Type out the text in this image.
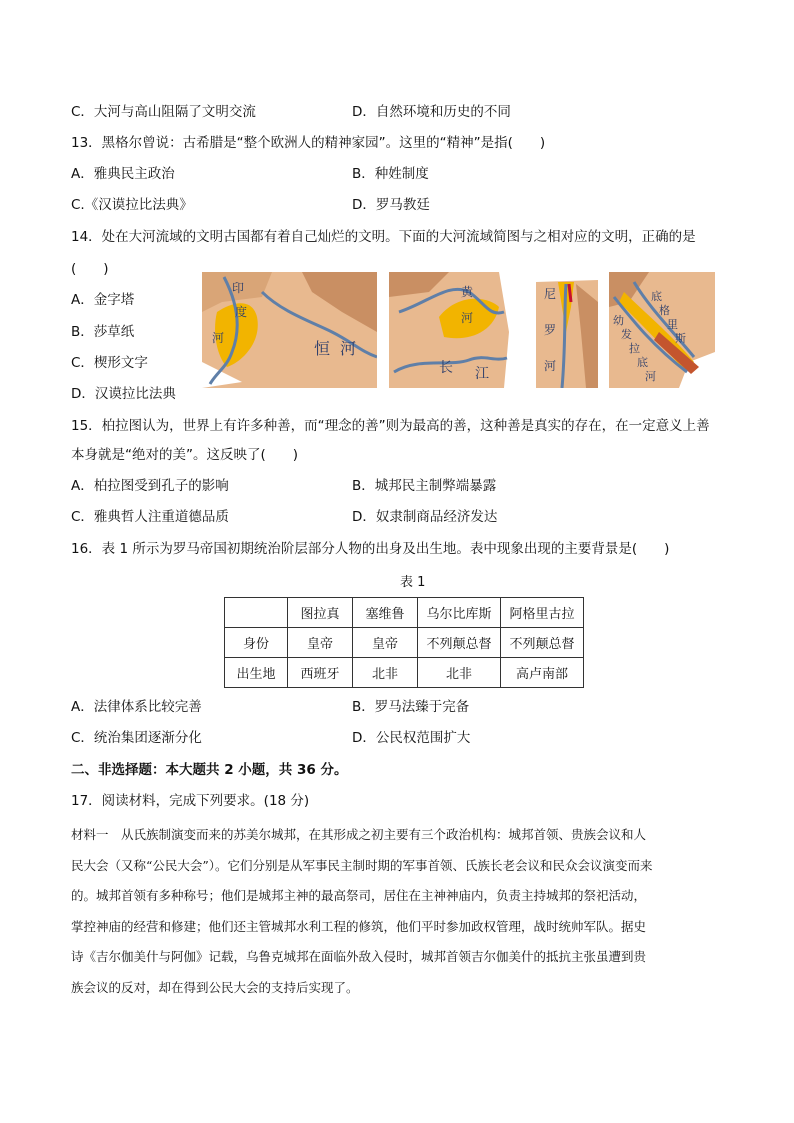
C．大河与高山阻隔了文明交流	D．自然环境和历史的不同
13．黑格尔曾说：古希腊是“整个欧洲人的精神家园”。这里的“精神”是指(　　)
A．雅典民主政治	B．种姓制度
C.《汉谟拉比法典》	D．罗马教廷
14．处在大河流域的文明古国都有着自己灿烂的文明。下面的大河流域简图与之相对应的文明，正确的是
(　　)
A．金字塔
B．莎草纸
C．楔形文字
D．汉谟拉比法典
印
度
河
恒 河
黄
河
长 江
尼
罗
河
底
格
里
斯
幼
发
拉
底
河
15．柏拉图认为，世界上有许多种善，而“理念的善”则为最高的善，这种善是真实的存在，在一定意义上善
本身就是“绝对的美”。这反映了(　　)
A．柏拉图受到孔子的影响	B．城邦民主制弊端暴露
C．雅典哲人注重道德品质	D．奴隶制商品经济发达
16．表 1 所示为罗马帝国初期统治阶层部分人物的出身及出生地。表中现象出现的主要背景是(　　)
表 1
	图拉真	塞维鲁	乌尔比库斯	阿格里古拉
身份	皇帝	皇帝	不列颠总督	不列颠总督
出生地	西班牙	北非	北非	高卢南部
A．法律体系比较完善	B．罗马法臻于完备
C．统治集团逐渐分化	D．公民权范围扩大
二、非选择题：本大题共 2 小题，共 36 分。
17．阅读材料，完成下列要求。(18 分)
材料一　从氏族制演变而来的苏美尔城邦，在其形成之初主要有三个政治机构：城邦首领、贵族会议和人
民大会（又称“公民大会”）。它们分别是从军事民主制时期的军事首领、氏族长老会议和民众会议演变而来
的。城邦首领有多种称号；他们是城邦主神的最高祭司，居住在主神神庙内，负责主持城邦的祭祀活动，
掌控神庙的经营和修建；他们还主管城邦水利工程的修筑，他们平时参加政权管理，战时统帅军队。据史
诗《吉尔伽美什与阿伽》记载，乌鲁克城邦在面临外敌入侵时，城邦首领吉尔伽美什的抵抗主张虽遭到贵
族会议的反对，却在得到公民大会的支持后实现了。
